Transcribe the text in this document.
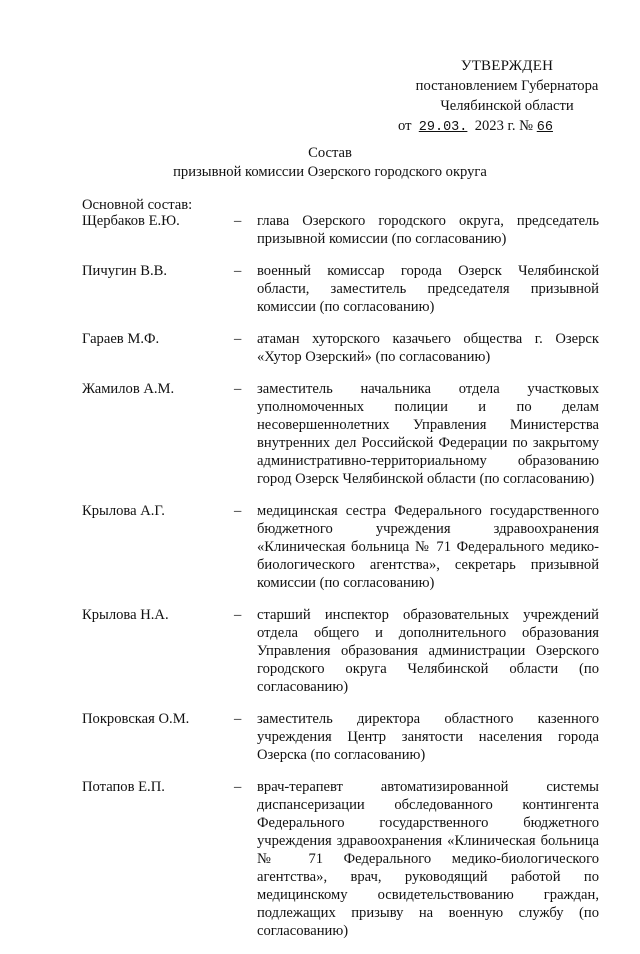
УТВЕРЖДЕН
постановлением Губернатора
Челябинской области
от 29.03. 2023 г. № 66
Состав
призывной комиссии Озерского городского округа
Основной состав:
Щербаков Е.Ю.	– глава Озерского городского округа, председатель призывной комиссии (по согласованию)
Пичугин В.В.	– военный комиссар города Озерск Челябинской области, заместитель председателя призывной комиссии (по согласованию)
Гараев М.Ф.	– атаман хуторского казачьего общества г. Озерск «Хутор Озерский» (по согласованию)
Жамилов А.М.	– заместитель начальника отдела участковых уполномоченных полиции и по делам несовершеннолетних Управления Министерства внутренних дел Российской Федерации по закрытому административно-территориальному образованию город Озерск Челябинской области (по согласованию)
Крылова А.Г.	– медицинская сестра Федерального государственного бюджетного учреждения здравоохранения «Клиническая больница № 71 Федерального медико-биологического агентства», секретарь призывной комиссии (по согласованию)
Крылова Н.А.	– старший инспектор образовательных учреждений отдела общего и дополнительного образования Управления образования администрации Озерского городского округа Челябинской области (по согласованию)
Покровская О.М.	– заместитель директора областного казенного учреждения Центр занятости населения города Озерска (по согласованию)
Потапов Е.П.	– врач-терапевт автоматизированной системы диспансеризации обследованного контингента Федерального государственного бюджетного учреждения здравоохранения «Клиническая больница № 71 Федерального медико-биологического агентства», врач, руководящий работой по медицинскому освидетельствованию граждан, подлежащих призыву на военную службу (по согласованию)
